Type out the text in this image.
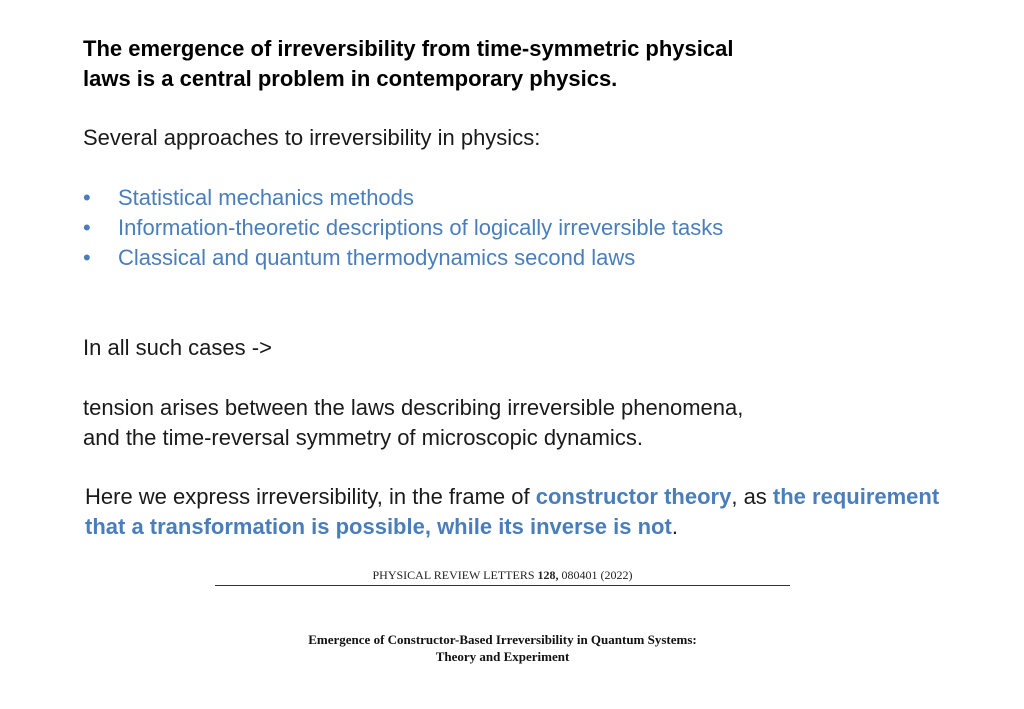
The emergence of irreversibility from time-symmetric physical
laws is a central problem in contemporary physics.
Several approaches to irreversibility in physics:
• Statistical mechanics methods
• Information-theoretic descriptions of logically irreversible tasks
• Classical and quantum thermodynamics second laws
In all such cases ->
tension arises between the laws describing irreversible phenomena,
and the time-reversal symmetry of microscopic dynamics.
Here we express irreversibility, in the frame of constructor theory, as the requirement that a transformation is possible, while its inverse is not.
PHYSICAL REVIEW LETTERS 128, 080401 (2022)
Emergence of Constructor-Based Irreversibility in Quantum Systems:
Theory and Experiment
